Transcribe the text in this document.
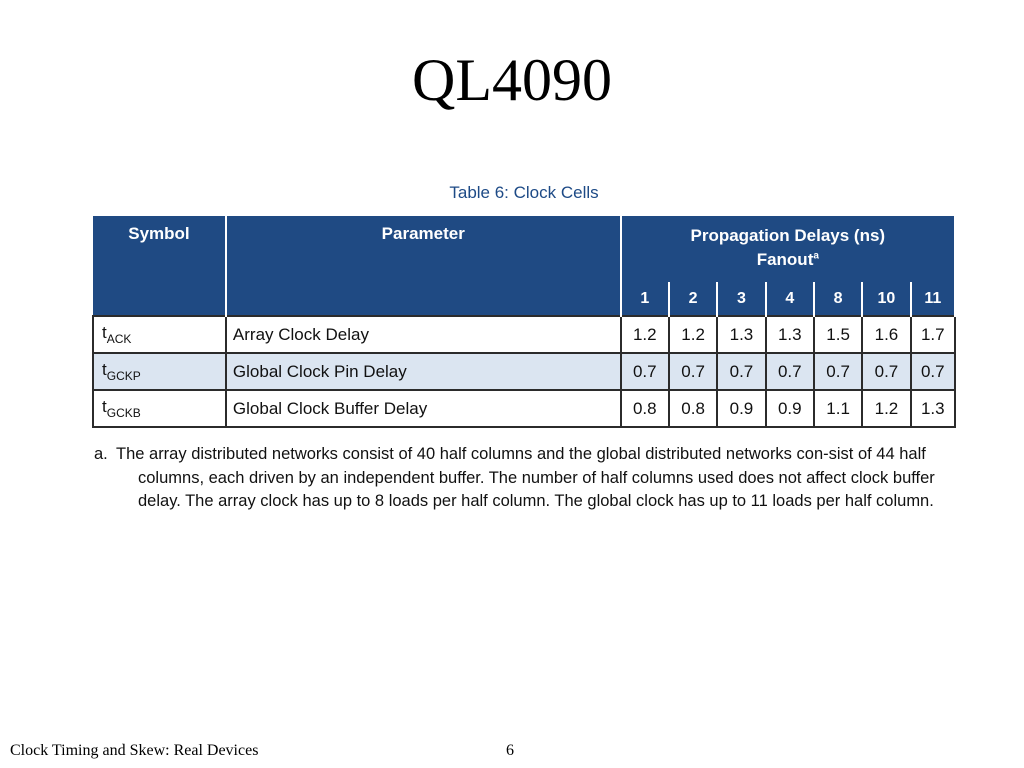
QL4090
Table 6: Clock Cells
Symbol	Parameter	Propagation Delays (ns)
Fanout$^a$

		1	2	3	4	8	10	11
$t_{ACK}$	Array Clock Delay	1.2	1.2	1.3	1.3	1.5	1.6	1.7
$t_{GCKP}$	Global Clock Pin Delay	0.7	0.7	0.7	0.7	0.7	0.7	0.7
$t_{GCKB}$	Global Clock Buffer Delay	0.8	0.8	0.9	0.9	1.1	1.2	1.3
a. The array distributed networks consist of 40 half columns and the global distributed networks con-sist of 44 half columns, each driven by an independent buffer. The number of half columns used does not affect clock buffer delay. The array clock has up to 8 loads per half column. The global clock has up to 11 loads per half column.
Clock Timing and Skew: Real Devices	6
